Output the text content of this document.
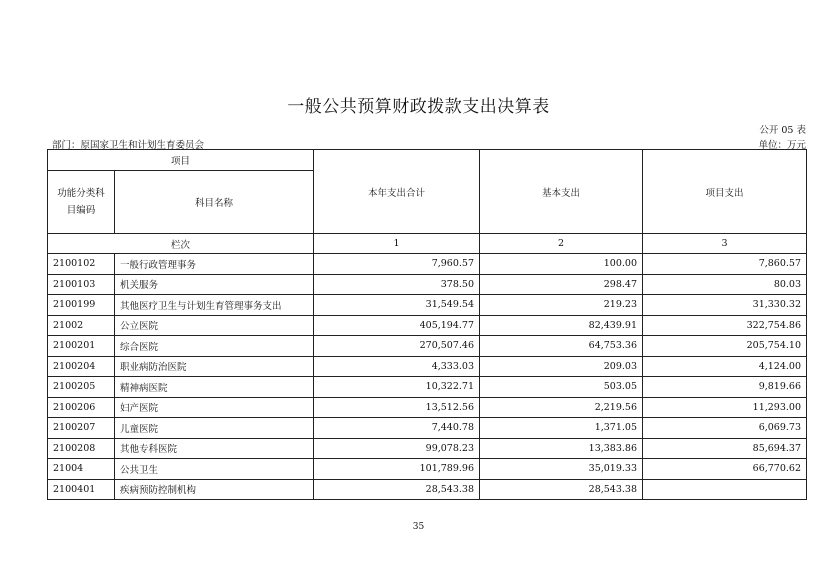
一般公共预算财政拨款支出决算表
公开 05 表
部门：原国家卫生和计划生育委员会	单位：万元
项目		本年支出合计	基本支出	项目支出
功能分类科目编码	科目名称			
栏次		1	2	3
2100102	一般行政管理事务	7,960.57	100.00	7,860.57
2100103	机关服务	378.50	298.47	80.03
2100199	其他医疗卫生与计划生育管理事务支出	31,549.54	219.23	31,330.32
21002	公立医院	405,194.77	82,439.91	322,754.86
2100201	综合医院	270,507.46	64,753.36	205,754.10
2100204	职业病防治医院	4,333.03	209.03	4,124.00
2100205	精神病医院	10,322.71	503.05	9,819.66
2100206	妇产医院	13,512.56	2,219.56	11,293.00
2100207	儿童医院	7,440.78	1,371.05	6,069.73
2100208	其他专科医院	99,078.23	13,383.86	85,694.37
21004	公共卫生	101,789.96	35,019.33	66,770.62
2100401	疾病预防控制机构	28,543.38	28,543.38	
35
